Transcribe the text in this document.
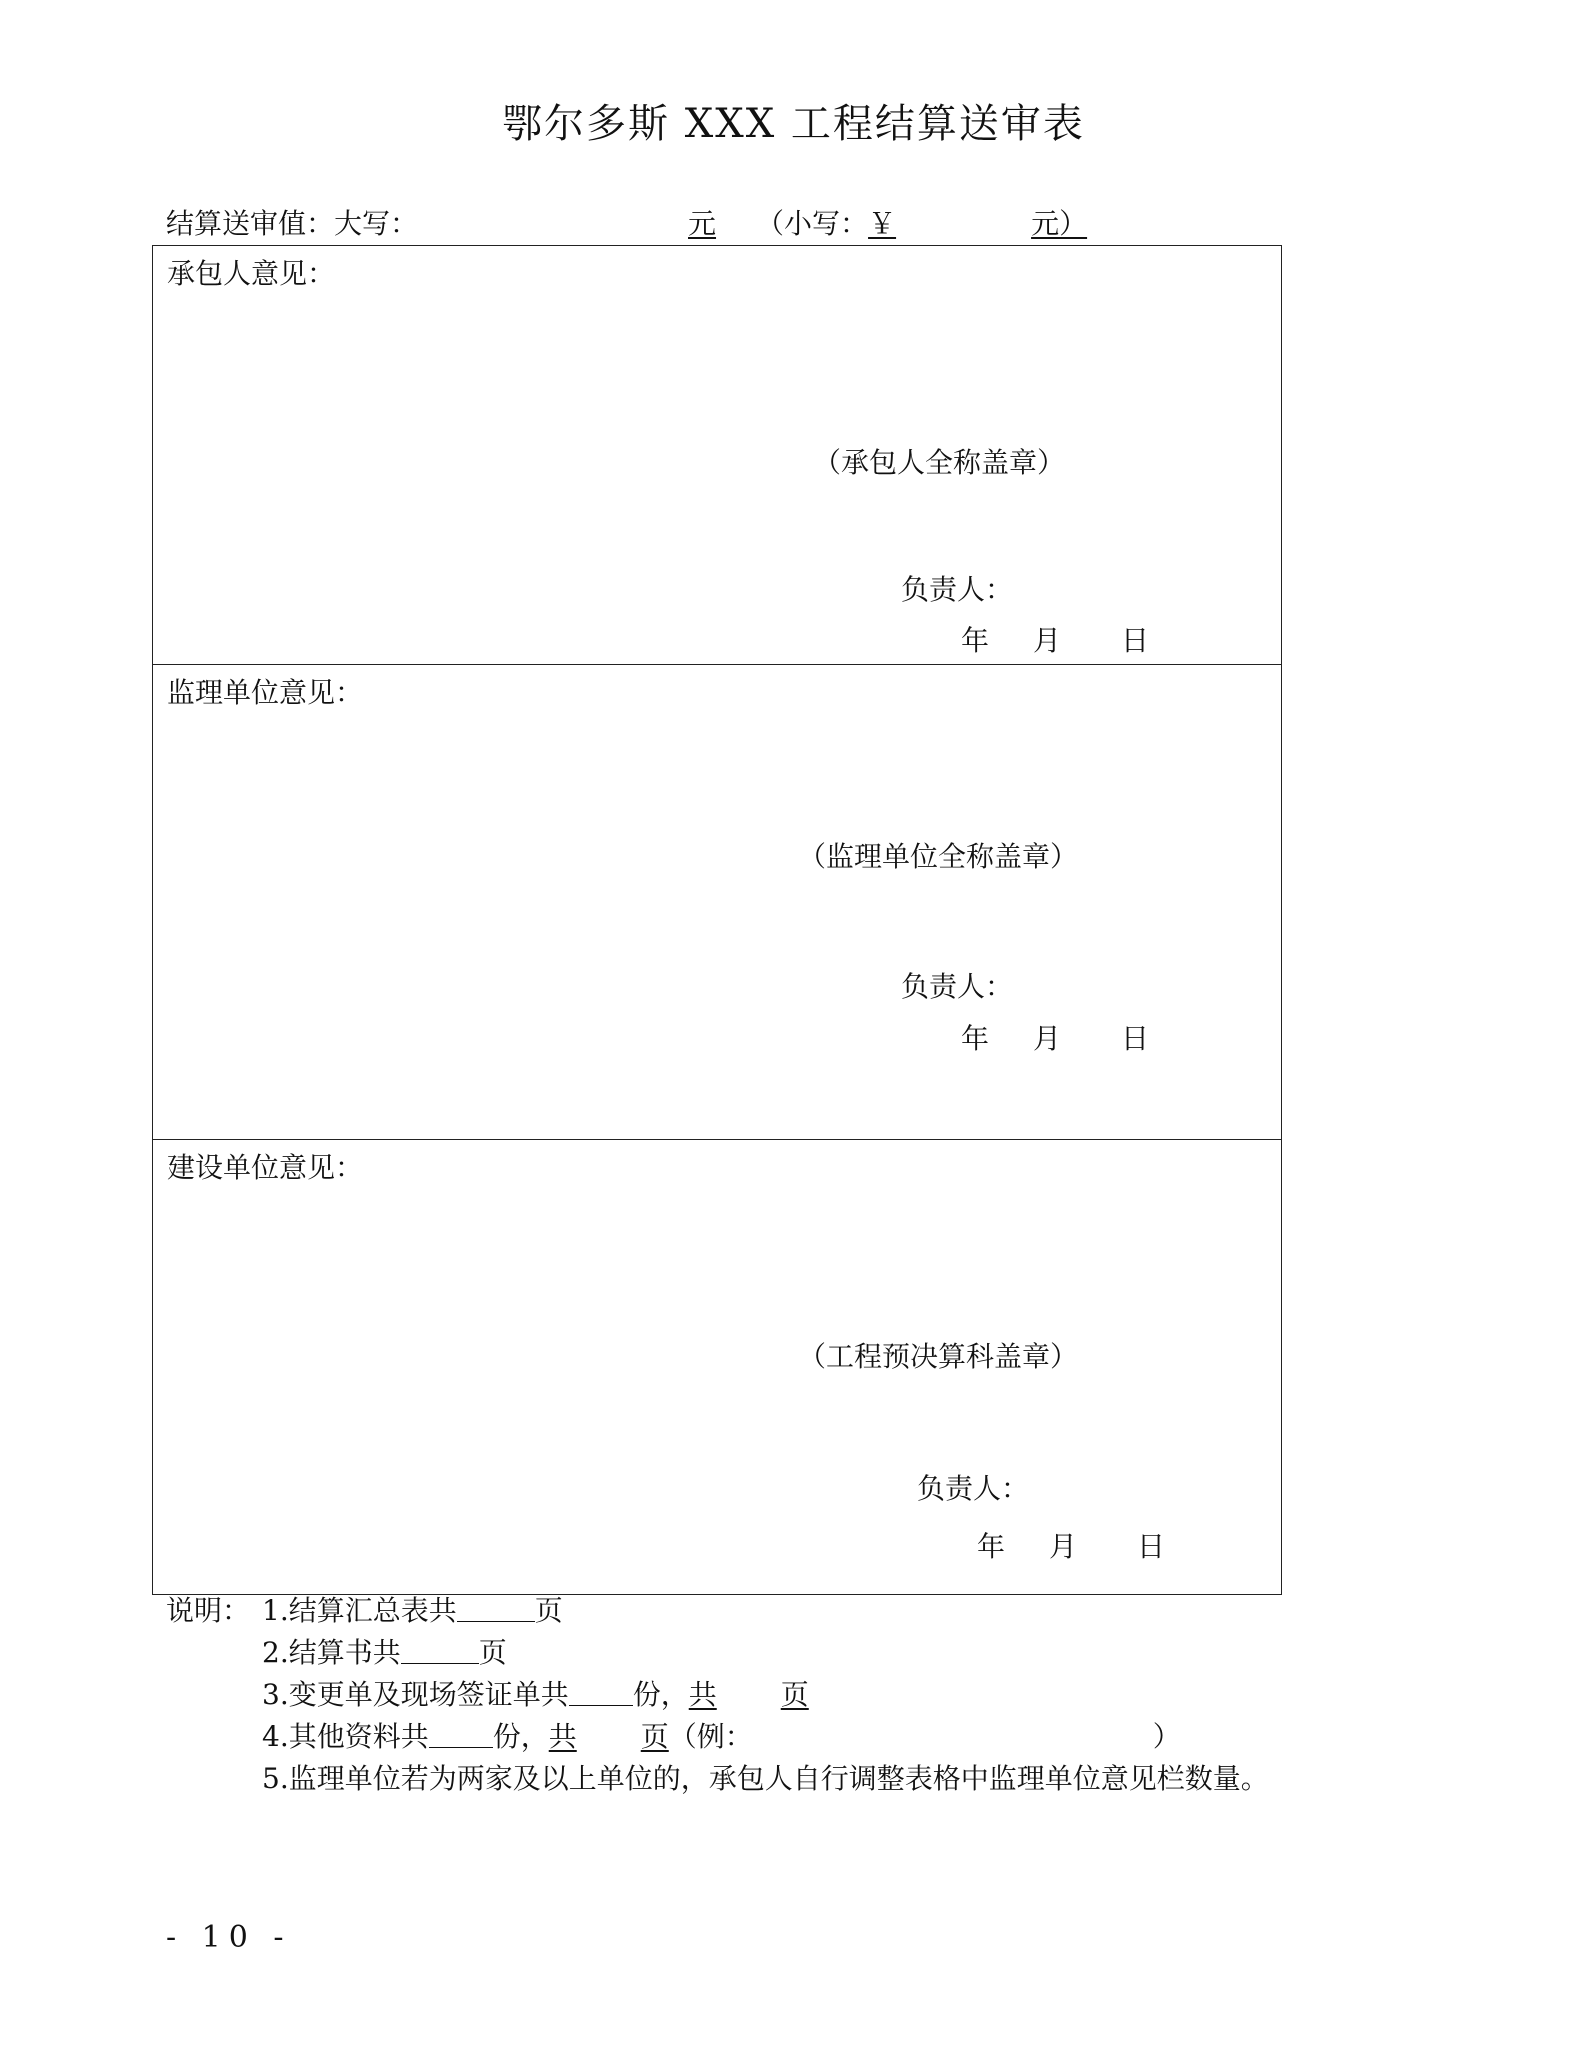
鄂尔多斯 XXX 工程结算送审表
结算送审值：大写：	元 （小写：￥	元）
承包人意见：
（承包人全称盖章）
负责人：
年 月 日
监理单位意见：
（监理单位全称盖章）
负责人：
年 月 日
建设单位意见：
（工程预决算科盖章）
负责人：
年 月 日
说明： 1.结算汇总表共	页
2.结算书共	页
3.变更单及现场签证单共 份，共 页
4.其他资料共 份，共 页（例：	）
5.监理单位若为两家及以上单位的，承包人自行调整表格中监理单位意见栏数量。
- 10 -
